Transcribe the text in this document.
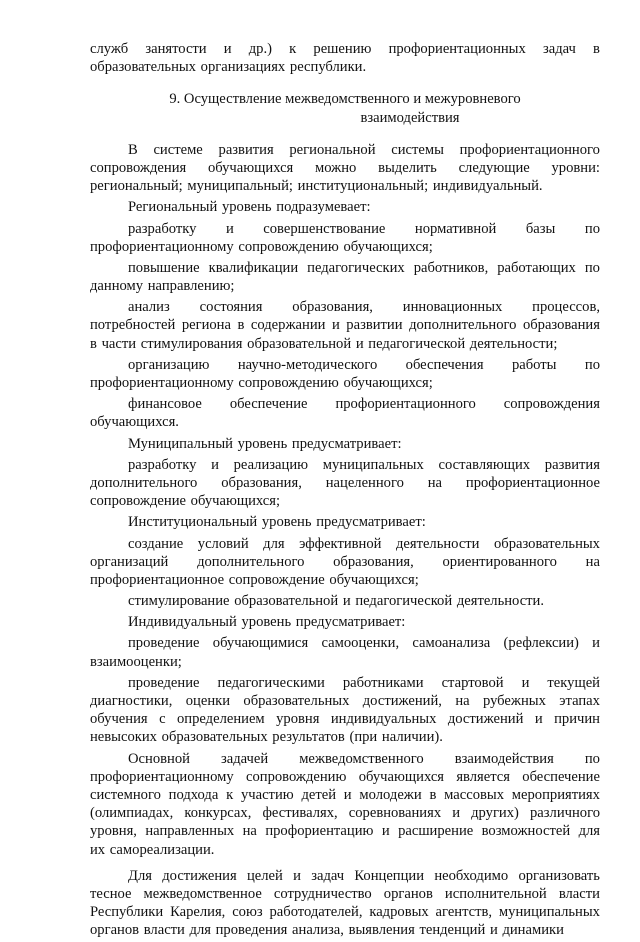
служб занятости и др.) к решению профориентационных задач в
образовательных организациях республики.

9. Осуществление межведомственного и межуровневого

взаимодействия

В системе развития региональной системы профориентационного
сопровождения обучающихся можно выделить следующие уровни:
региональный; муниципальный; институциональный; индивидуальный.
Региональный уровень подразумевает:
разработку и совершенствование нормативной базы по
профориентационному сопровождению обучающихся;
повышение квалификации педагогических работников, работающих по
данному направлению;
анализ состояния образования, инновационных процессов,
потребностей региона в содержании и развитии дополнительного образования
в части стимулирования образовательной и педагогической деятельности;
организацию научно-методического обеспечения работы по
профориентационному сопровождению обучающихся;
финансовое обеспечение профориентационного сопровождения
обучающихся.
Муниципальный уровень предусматривает:
разработку и реализацию муниципальных составляющих развития
дополнительного образования, нацеленного на профориентационное
сопровождение обучающихся;
Институциональный уровень предусматривает:
создание условий для эффективной деятельности образовательных
организаций дополнительного образования, ориентированного на
профориентационное сопровождение обучающихся;
стимулирование образовательной и педагогической деятельности.
Индивидуальный уровень предусматривает:
проведение обучающимися самооценки, самоанализа (рефлексии) и
взаимооценки;
проведение педагогическими работниками стартовой и текущей
диагностики, оценки образовательных достижений, на рубежных этапах
обучения с определением уровня индивидуальных достижений и причин
невысоких образовательных результатов (при наличии).
Основной задачей межведомственного взаимодействия по
профориентационному сопровождению обучающихся является обеспечение
системного подхода к участию детей и молодежи в массовых мероприятиях
(олимпиадах, конкурсах, фестивалях, соревнованиях и других) различного
уровня, направленных на профориентацию и расширение возможностей для
их самореализации.
Для достижения целей и задач Концепции необходимо организовать
тесное межведомственное сотрудничество органов исполнительной власти
Республики Карелия, союз работодателей, кадровых агентств, муниципальных
органов власти для проведения анализа, выявления тенденций и динамики
